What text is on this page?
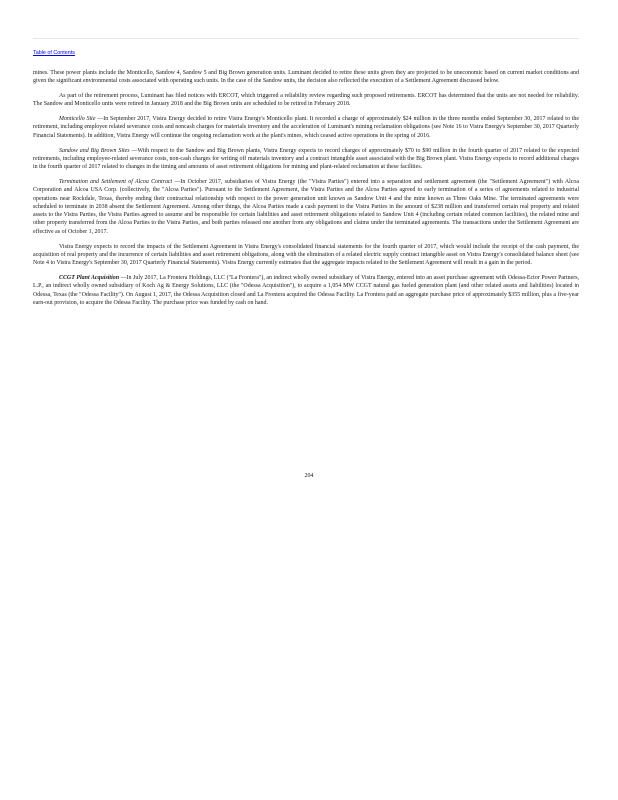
Table of Contents

mines. These power plants include the Monticello, Sandow 4, Sandow 5 and Big Brown generation units. Luminant decided to retire these units given they are projected to be uneconomic based on current market conditions and given the significant environmental costs associated with operating such units. In the case of the Sandow units, the decision also reflected the execution of a Settlement Agreement discussed below.

As part of the retirement process, Luminant has filed notices with ERCOT, which triggered a reliability review regarding such proposed retirements. ERCOT has determined that the units are not needed for reliability. The Sandow and Monticello units were retired in January 2018 and the Big Brown units are scheduled to be retired in February 2018.

Monticello Site —In September 2017, Vistra Energy decided to retire Vistra Energy's Monticello plant. It recorded a charge of approximately $24 million in the three months ended September 30, 2017 related to the retirement, including employee related severance costs and noncash charges for materials inventory and the acceleration of Luminant's mining reclamation obligations (see Note 16 to Vistra Energy's September 30, 2017 Quarterly Financial Statements). In addition, Vistra Energy will continue the ongoing reclamation work at the plant's mines, which ceased active operations in the spring of 2016.

Sandow and Big Brown Sites —With respect to the Sandow and Big Brown plants, Vistra Energy expects to record charges of approximately $70 to $90 million in the fourth quarter of 2017 related to the expected retirements, including employee-related severance costs, non-cash charges for writing off materials inventory and a contract intangible asset associated with the Big Brown plant. Vistra Energy expects to record additional charges in the fourth quarter of 2017 related to changes in the timing and amounts of asset retirement obligations for mining and plant-related reclamation at these facilities.

Termination and Settlement of Alcoa Contract —In October 2017, subsidiaries of Vistra Energy (the "Vistra Parties") entered into a separation and settlement agreement (the "Settlement Agreement") with Alcoa Corporation and Alcoa USA Corp. (collectively, the "Alcoa Parties"). Pursuant to the Settlement Agreement, the Vistra Parties and the Alcoa Parties agreed to early termination of a series of agreements related to industrial operations near Rockdale, Texas, thereby ending their contractual relationship with respect to the power generation unit known as Sandow Unit 4 and the mine known as Three Oaks Mine. The terminated agreements were scheduled to terminate in 2038 absent the Settlement Agreement. Among other things, the Alcoa Parties made a cash payment to the Vistra Parties in the amount of $238 million and transferred certain real property and related assets to the Vistra Parties, the Vistra Parties agreed to assume and be responsible for certain liabilities and asset retirement obligations related to Sandow Unit 4 (including certain related common facilities), the related mine and other property transferred from the Alcoa Parties to the Vistra Parties, and both parties released one another from any obligations and claims under the terminated agreements. The transactions under the Settlement Agreement are effective as of October 1, 2017.

Vistra Energy expects to record the impacts of the Settlement Agreement in Vistra Energy's consolidated financial statements for the fourth quarter of 2017, which would include the receipt of the cash payment, the acquisition of real property and the incurrence of certain liabilities and asset retirement obligations, along with the elimination of a related electric supply contract intangible asset on Vistra Energy's consolidated balance sheet (see Note 4 to Vistra Energy's September 30, 2017 Quarterly Financial Statements). Vistra Energy currently estimates that the aggregate impacts related to the Settlement Agreement will result in a gain in the period.

CCGT Plant Acquisition —In July 2017, La Frontera Holdings, LLC ("La Frontera"), an indirect wholly owned subsidiary of Vistra Energy, entered into an asset purchase agreement with Odessa-Ector Power Partners, L.P., an indirect wholly owned subsidiary of Koch Ag & Energy Solutions, LLC (the "Odessa Acquisition"), to acquire a 1,054 MW CCGT natural gas fueled generation plant (and other related assets and liabilities) located in Odessa, Texas (the "Odessa Facility"). On August 1, 2017, the Odessa Acquisition closed and La Frontera acquired the Odessa Facility. La Frontera paid an aggregate purchase price of approximately $355 million, plus a five-year earn-out provision, to acquire the Odessa Facility. The purchase price was funded by cash on hand.

204
